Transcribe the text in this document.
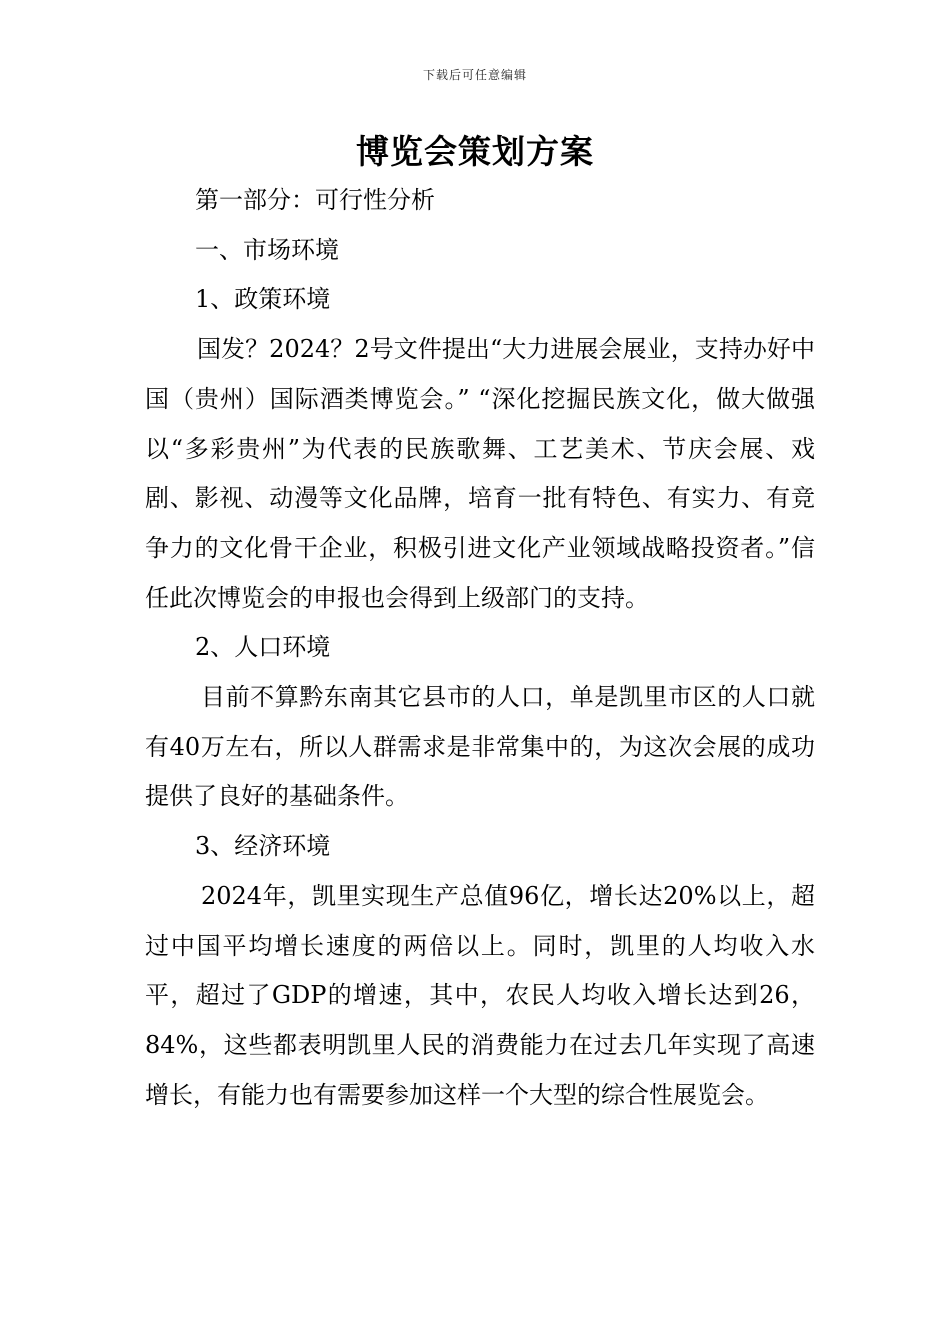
下载后可任意编辑
博览会策划方案

第一部分：可行性分析

一、市场环境

1、政策环境

国发？2024？2号文件提出“大力进展会展业，支持办好中国（贵州）国际酒类博览会。” “深化挖掘民族文化，做大做强以“多彩贵州”为代表的民族歌舞、工艺美术、节庆会展、戏剧、影视、动漫等文化品牌，培育一批有特色、有实力、有竞争力的文化骨干企业，积极引进文化产业领域战略投资者。”信任此次博览会的申报也会得到上级部门的支持。

2、人口环境

目前不算黔东南其它县市的人口，单是凯里市区的人口就有40万左右，所以人群需求是非常集中的，为这次会展的成功提供了良好的基础条件。

3、经济环境

2024年，凯里实现生产总值96亿，增长达20%以上，超过中国平均增长速度的两倍以上。同时，凯里的人均收入水平，超过了GDP的增速，其中，农民人均收入增长达到26，84%，这些都表明凯里人民的消费能力在过去几年实现了高速增长，有能力也有需要参加这样一个大型的综合性展览会。
